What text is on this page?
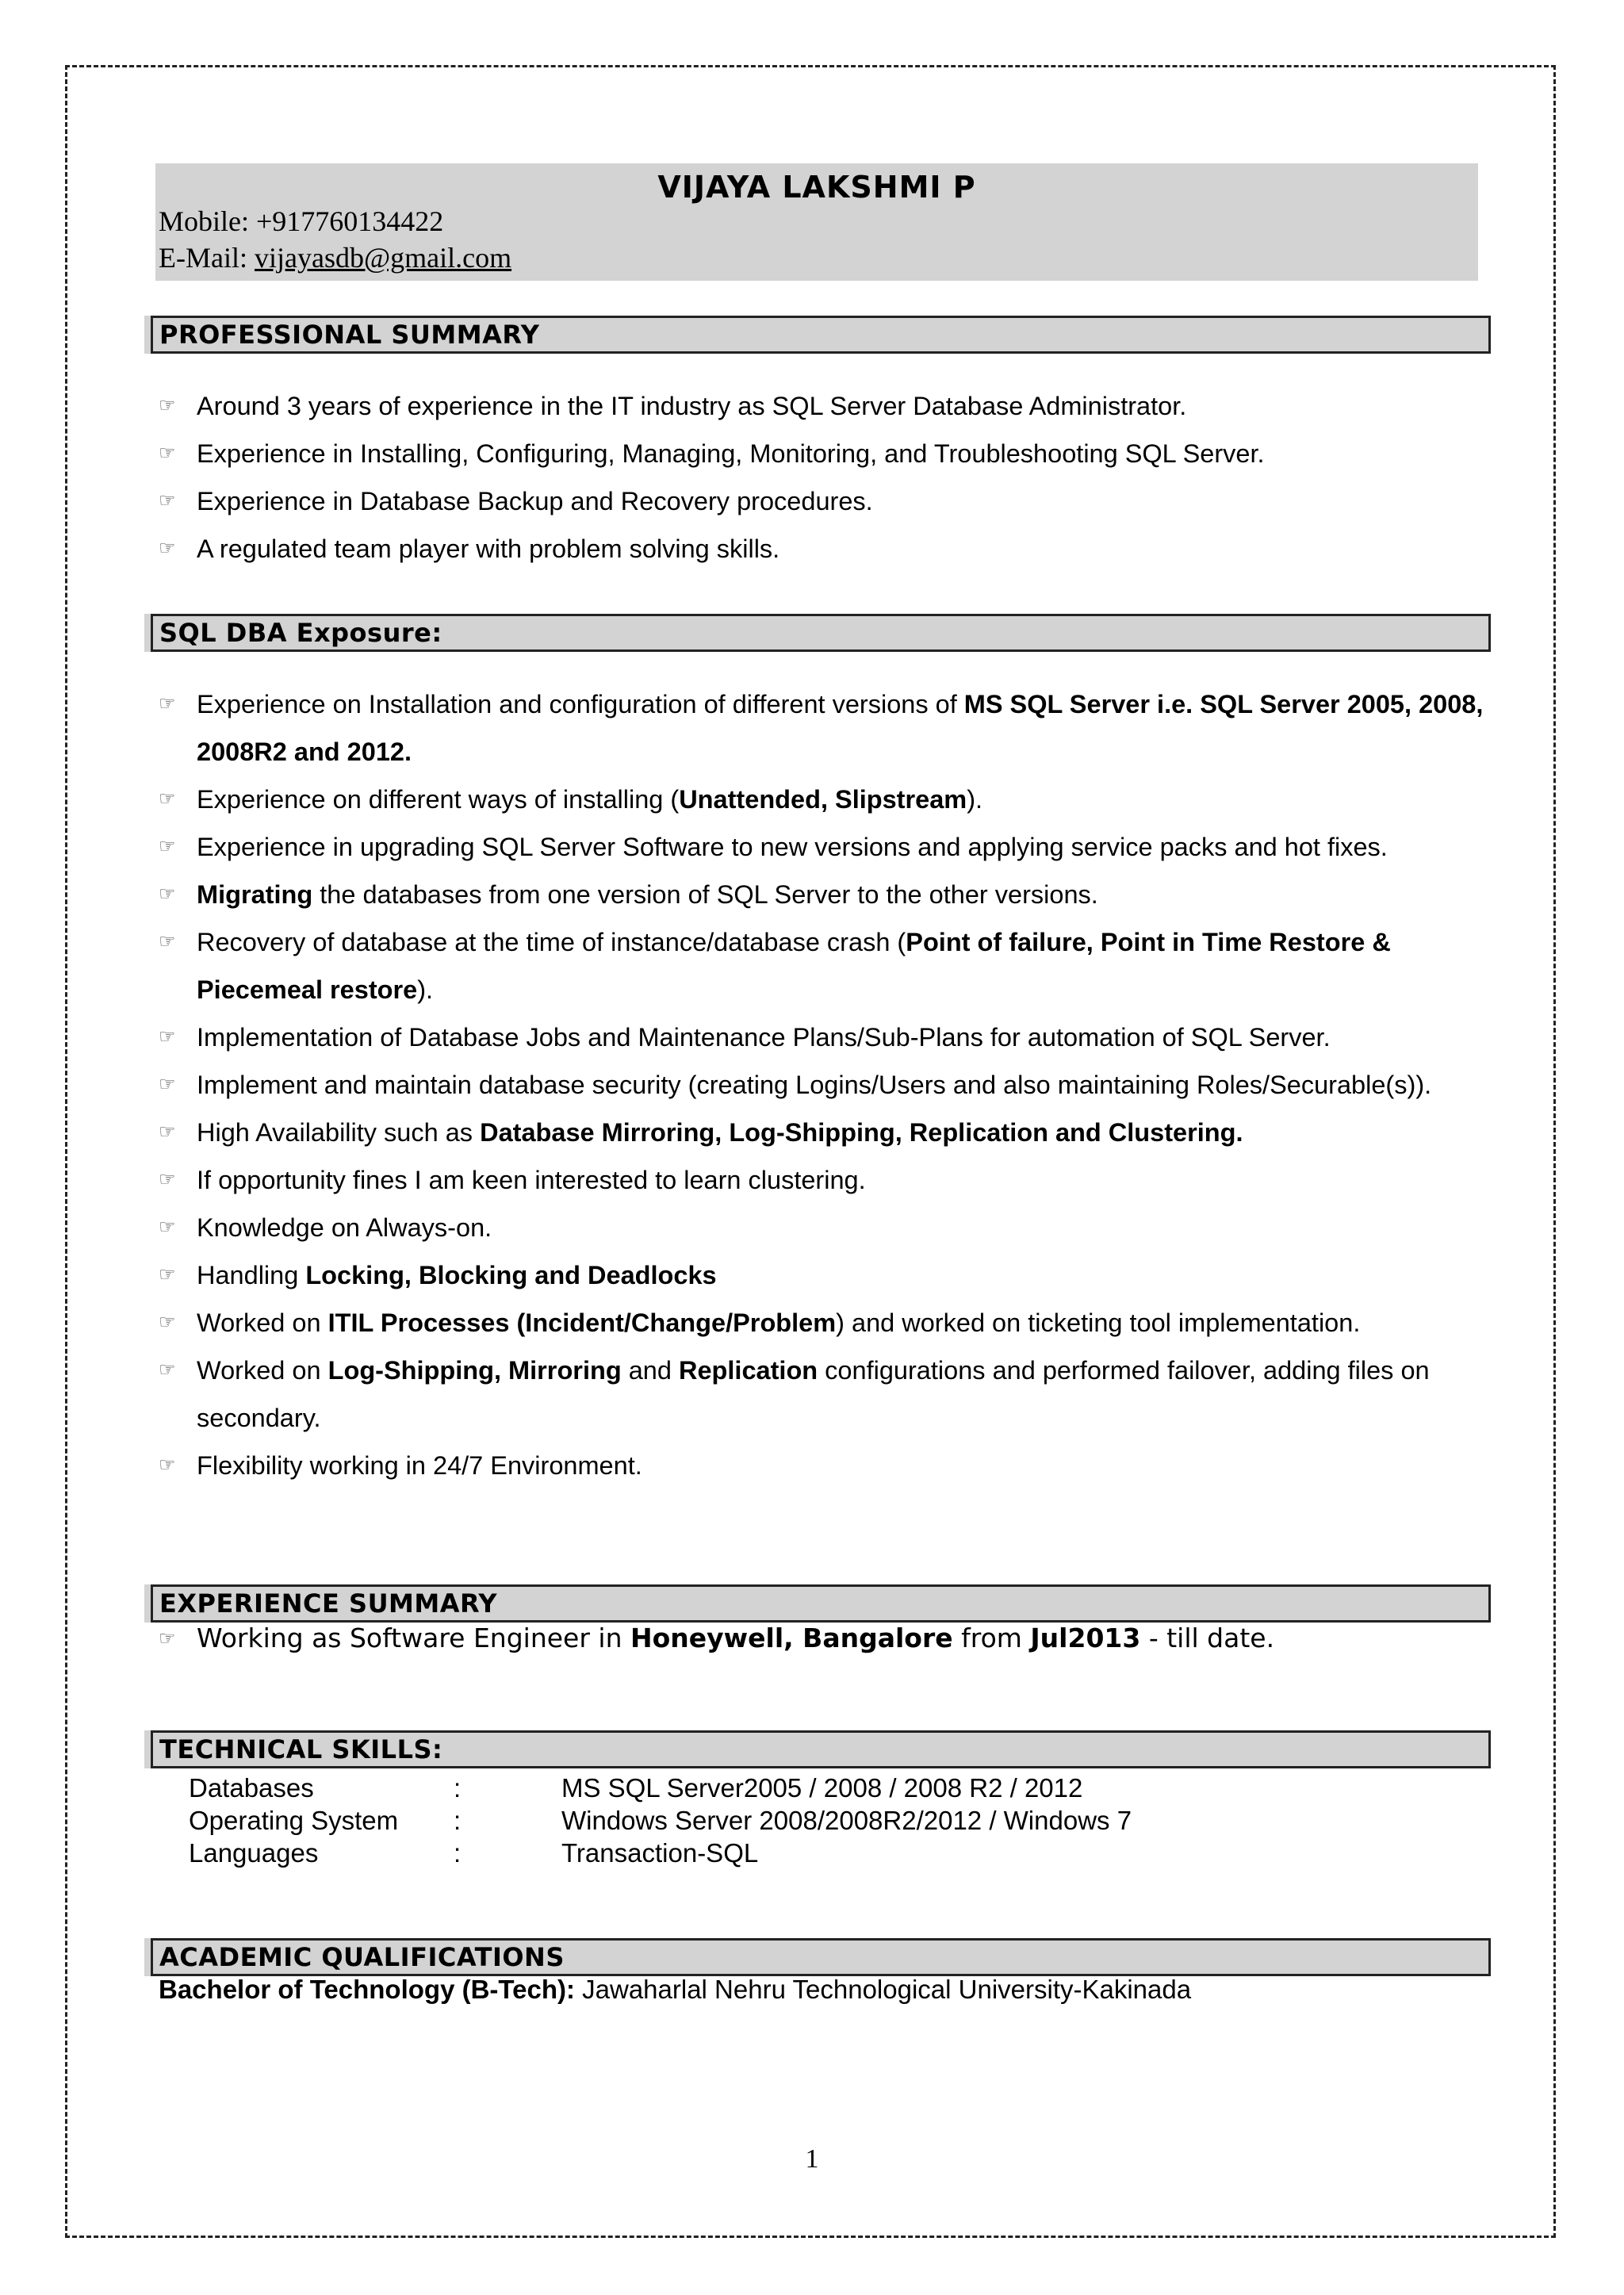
VIJAYA LAKSHMI P
Mobile: +917760134422
E-Mail: vijayasdb@gmail.com
PROFESSIONAL SUMMARY
☞ Around 3 years of experience in the IT industry as SQL Server Database Administrator.
☞ Experience in Installing, Configuring, Managing, Monitoring, and Troubleshooting SQL Server.
☞ Experience in Database Backup and Recovery procedures.
☞ A regulated team player with problem solving skills.
SQL DBA Exposure:
☞ Experience on Installation and configuration of different versions of MS SQL Server i.e. SQL Server 2005, 2008, 2008R2 and 2012.
☞ Experience on different ways of installing (Unattended, Slipstream).
☞ Experience in upgrading SQL Server Software to new versions and applying service packs and hot fixes.
☞ Migrating the databases from one version of SQL Server to the other versions.
☞ Recovery of database at the time of instance/database crash (Point of failure, Point in Time Restore & Piecemeal restore).
☞ Implementation of Database Jobs and Maintenance Plans/Sub-Plans for automation of SQL Server.
☞ Implement and maintain database security (creating Logins/Users and also maintaining Roles/Securable(s)).
☞ High Availability such as Database Mirroring, Log-Shipping, Replication and Clustering.
☞ If opportunity fines I am keen interested to learn clustering.
☞ Knowledge on Always-on.
☞ Handling Locking, Blocking and Deadlocks
☞ Worked on ITIL Processes (Incident/Change/Problem) and worked on ticketing tool implementation.
☞ Worked on Log-Shipping, Mirroring and Replication configurations and performed failover, adding files on secondary.
☞ Flexibility working in 24/7 Environment.
EXPERIENCE SUMMARY
☞ Working as Software Engineer in Honeywell, Bangalore from Jul2013 - till date.
TECHNICAL SKILLS:
Databases	:	MS SQL Server2005 / 2008 / 2008 R2 / 2012
Operating System :	Windows Server 2008/2008R2/2012 / Windows 7
Languages	:	Transaction-SQL
ACADEMIC QUALIFICATIONS
Bachelor of Technology (B-Tech): Jawaharlal Nehru Technological University-Kakinada
1
